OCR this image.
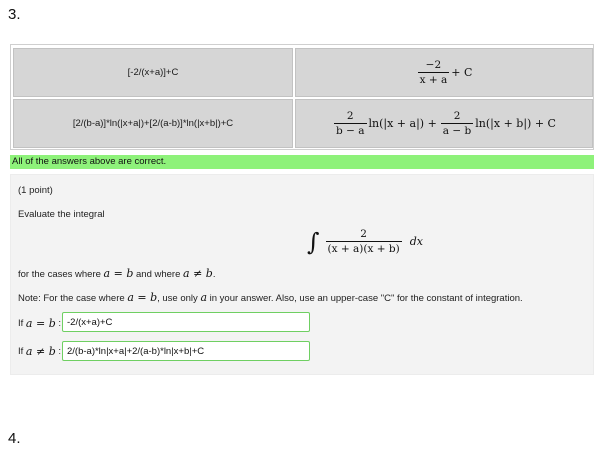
3.
[-2/(x+a)]+C	$\frac{-2}{x + a} + C$
[2/(b-a)]*ln(|x+a|)+[2/(a-b)]*ln(|x+b|)+C	$\frac{2}{b - a} \ln(|x + a|) + \frac{2}{a - b} \ln(|x + b|) + C$
All of the answers above are correct.
(1 point)
Evaluate the integral
∫ $\frac{2}{(x + a)(x + b)}$ dx
for the cases where a = b and where a ≠ b.
Note: For the case where a = b, use only a in your answer. Also, use an upper-case "C" for the constant of integration.
If
a = b
:
-2/(x+a)+C
If
a ≠ b
:
2/(b-a)*ln|x+a|+2/(a-b)*ln|x+b|+C
4.
